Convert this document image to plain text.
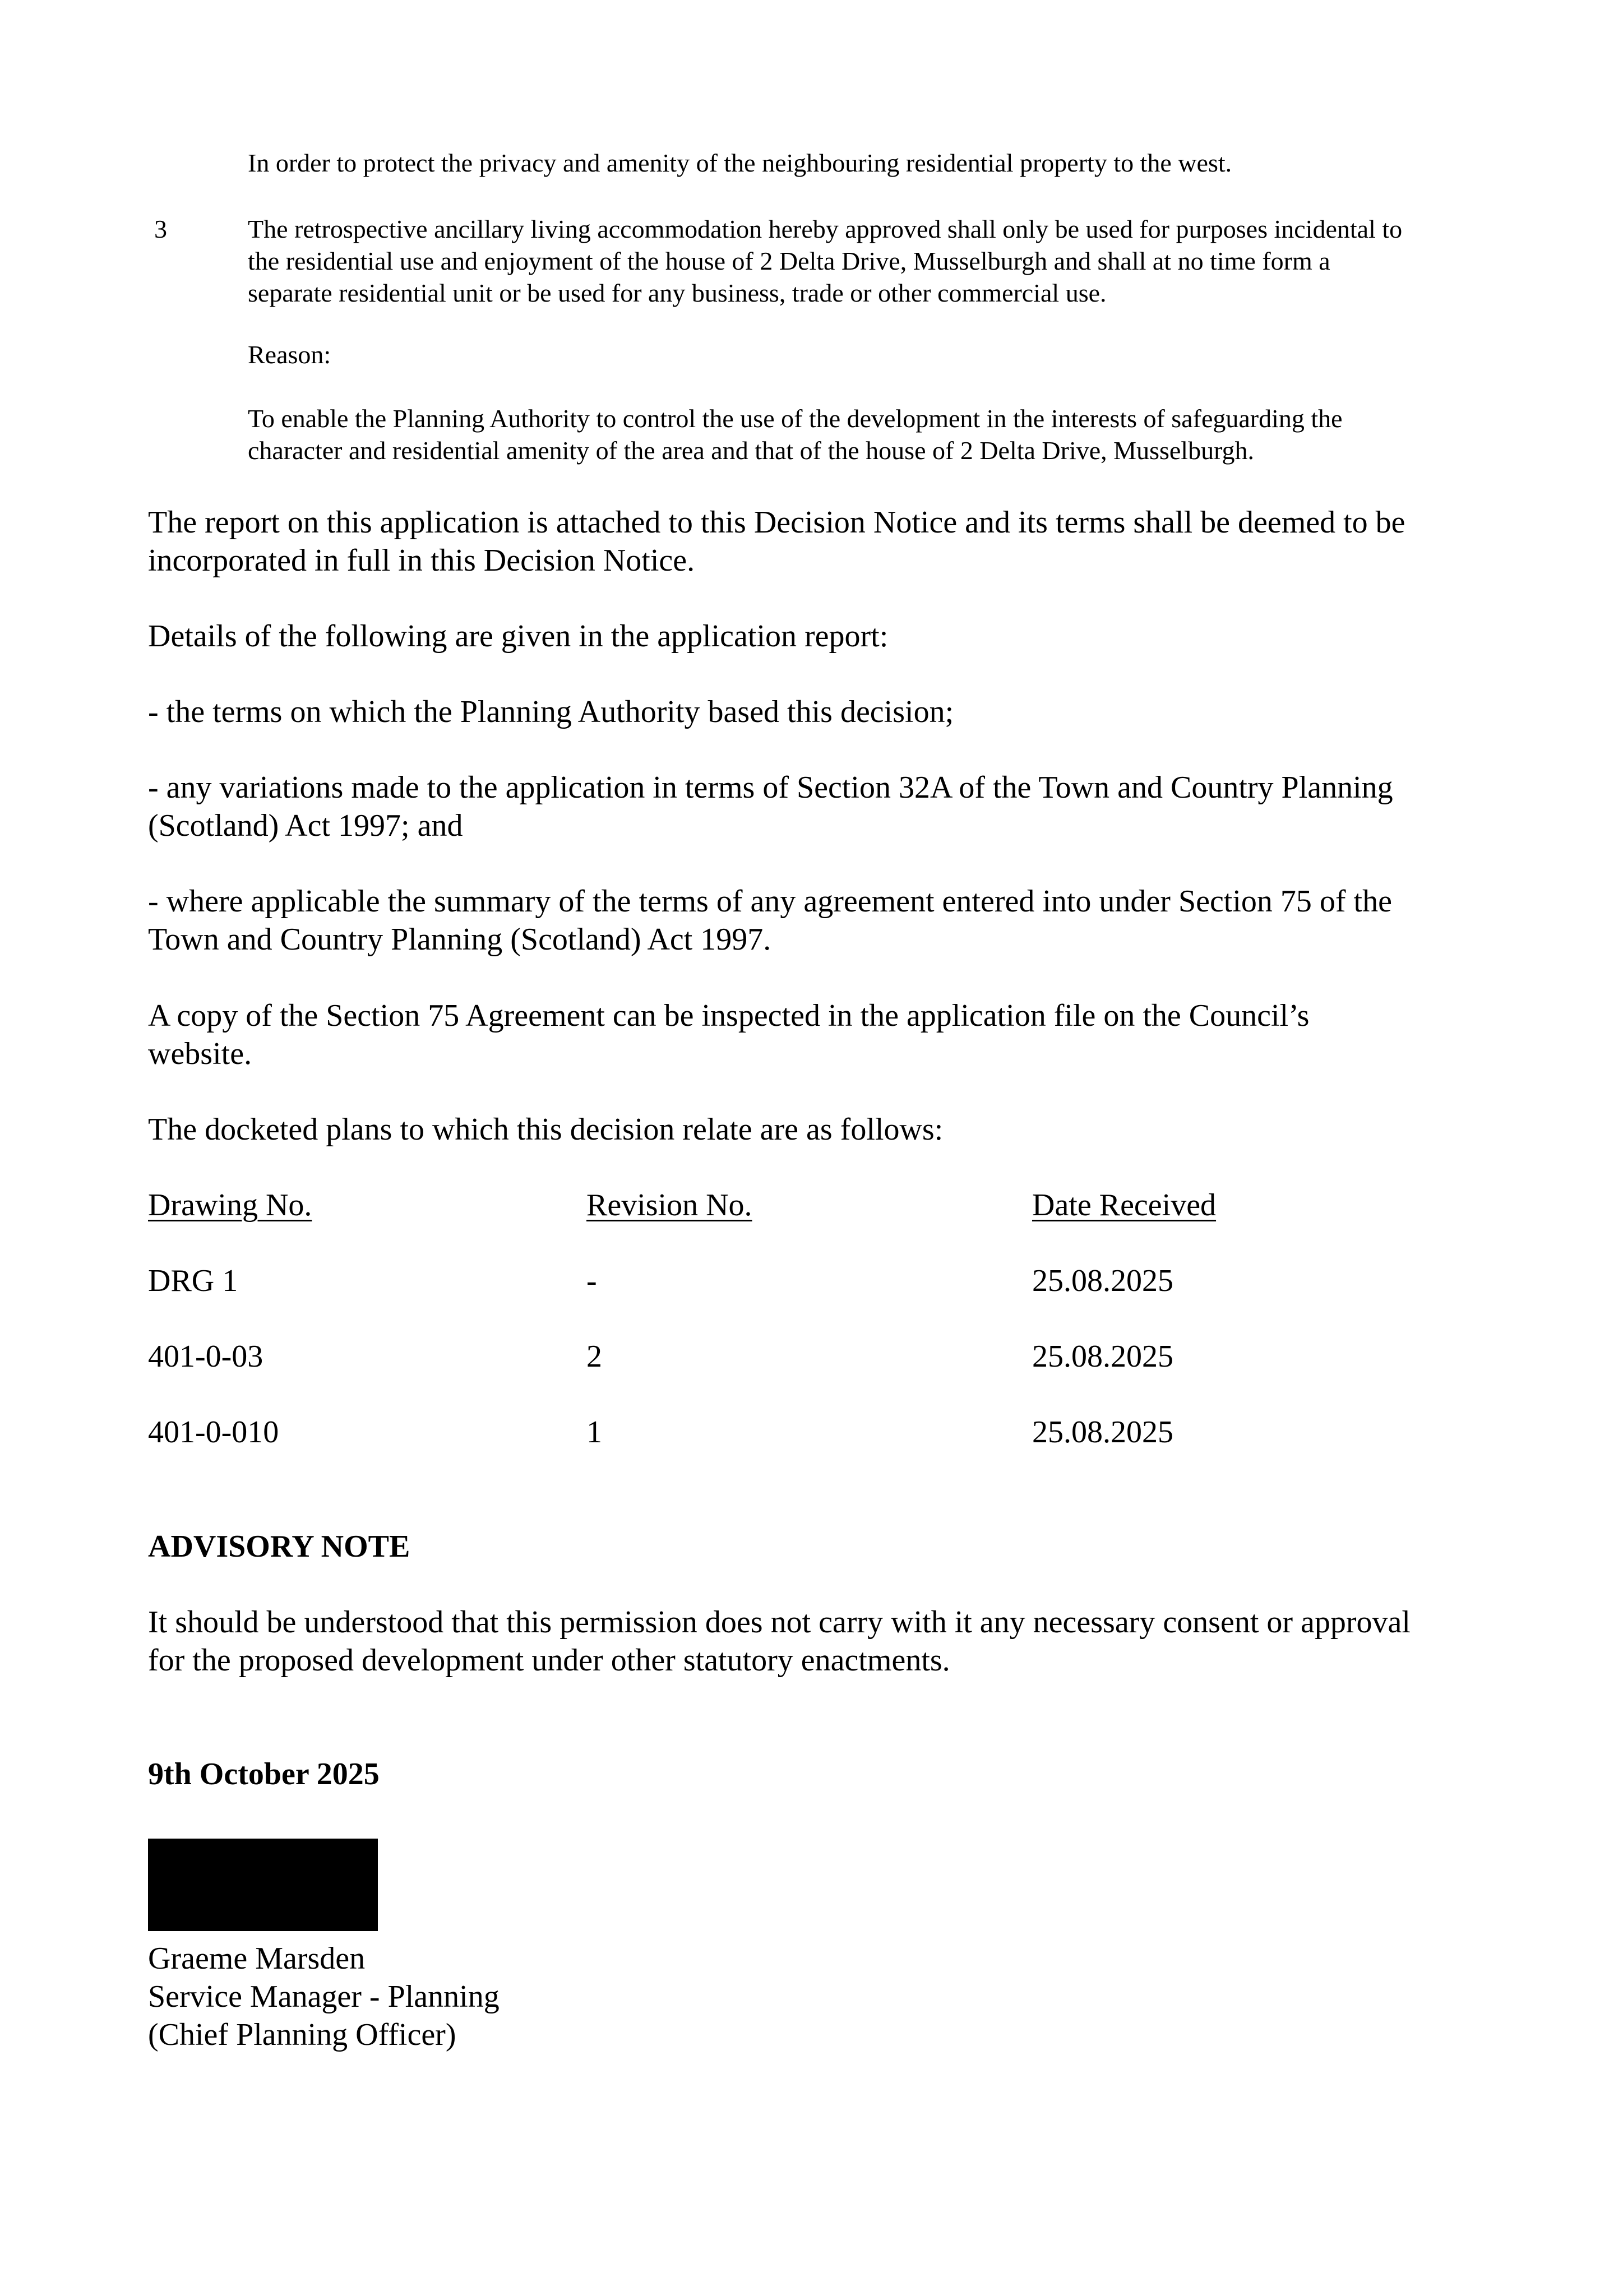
In order to protect the privacy and amenity of the neighbouring residential property to the west.
3	The retrospective ancillary living accommodation hereby approved shall only be used for purposes incidental to
the residential use and enjoyment of the house of 2 Delta Drive, Musselburgh and shall at no time form a
separate residential unit or be used for any business, trade or other commercial use.
Reason:
To enable the Planning Authority to control the use of the development in the interests of safeguarding the
character and residential amenity of the area and that of the house of 2 Delta Drive, Musselburgh.
The report on this application is attached to this Decision Notice and its terms shall be deemed to be
incorporated in full in this Decision Notice.
Details of the following are given in the application report:
- the terms on which the Planning Authority based this decision;
- any variations made to the application in terms of Section 32A of the Town and Country Planning
(Scotland) Act 1997; and
- where applicable the summary of the terms of any agreement entered into under Section 75 of the
Town and Country Planning (Scotland) Act 1997.
A copy of the Section 75 Agreement can be inspected in the application file on the Council’s
website.
The docketed plans to which this decision relate are as follows:
Drawing No.	Revision No.	Date Received
DRG 1	-	25.08.2025
401-0-03	2	25.08.2025
401-0-010	1	25.08.2025
ADVISORY NOTE
It should be understood that this permission does not carry with it any necessary consent or approval
for the proposed development under other statutory enactments.
9th October 2025
Graeme Marsden
Service Manager - Planning
(Chief Planning Officer)
